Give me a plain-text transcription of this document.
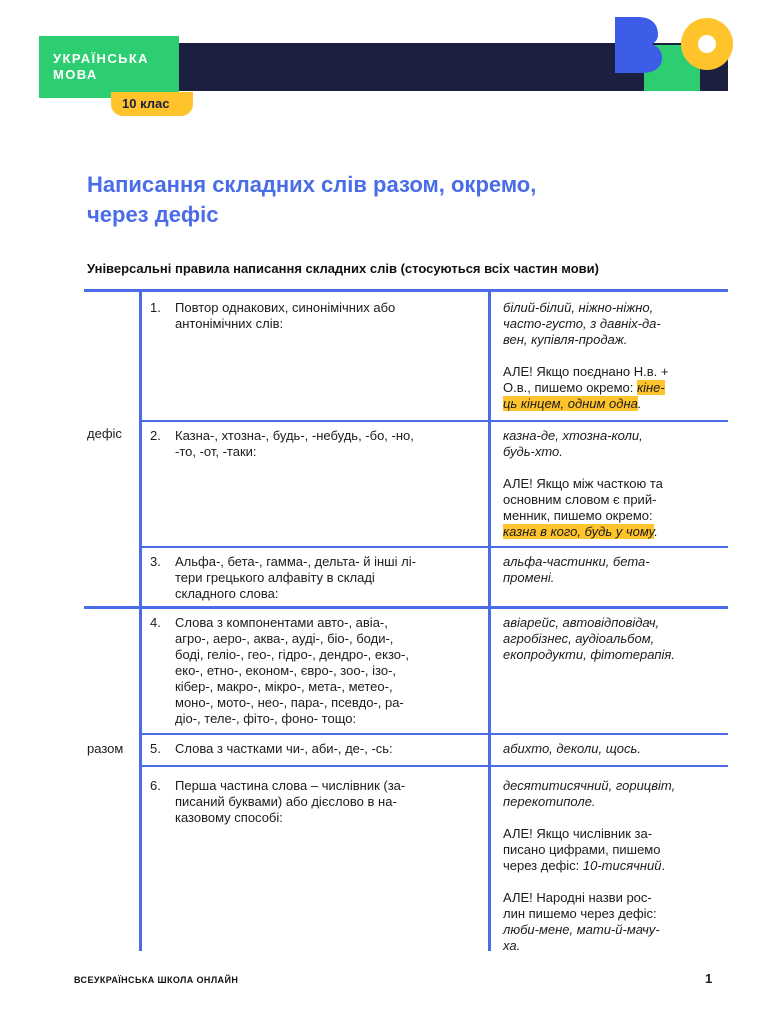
УКРАЇНСЬКА
МОВА
10 клас
Написання складних слів разом, окремо,
через дефіс

Універсальні правила написання складних слів (стосуються всіх частин мови)

дефіс
разом
1. Повтор однакових, синонімічних або
антонімічних слів:

білий-білий, ніжно-ніжно,
часто-густо, з давніх-да-
вен, купівля-продаж.

АЛЕ! Якщо поєднано Н.в. +
О.в., пишемо окремо: кіне-
ць кінцем, одним одна.

2. Казна-, хтозна-, будь-, -небудь, -бо, -но,
-то, -от, -таки:

казна-де, хтозна-коли,
будь-хто.

АЛЕ! Якщо між часткою та
основним словом є прий-
менник, пишемо окремо:
казна в кого, будь у чому.

3. Альфа-, бета-, гамма-, дельта- й інші лі-
тери грецького алфавіту в складі
складного слова:
альфа-частинки, бета-
промені.
4. Слова з компонентами авто-, авіа-,
агро-, аеро-, аква-, ауді-, біо-, боди-,
боді, геліо-, гео-, гідро-, дендро-, екзо-,
еко-, етно-, економ-, євро-, зоо-, ізо-,
кібер-, макро-, мікро-, мета-, метео-,
моно-, мото-, нео-, пара-, псевдо-, ра-
діо-, теле-, фіто-, фоно- тощо:
авіарейс, автовідповідач,
агробізнес, аудіоальбом,
екопродукти, фітотерапія.
5. Слова з частками чи-, аби-, де-, -сь:	абихто, деколи, щось.
6. Перша частина слова – числівник (за-
писаний буквами) або дієслово в на-
казовому способі:

десятитисячний, горицвіт,
перекотиполе.

АЛЕ! Якщо числівник за-
писано цифрами, пишемо
через дефіс: 10-тисячний.

АЛЕ! Народні назви рос-
лин пишемо через дефіс:
люби-мене, мати-й-мачу-
ха.

ВСЕУКРАЇНСЬКА ШКОЛА ОНЛАЙН	1
